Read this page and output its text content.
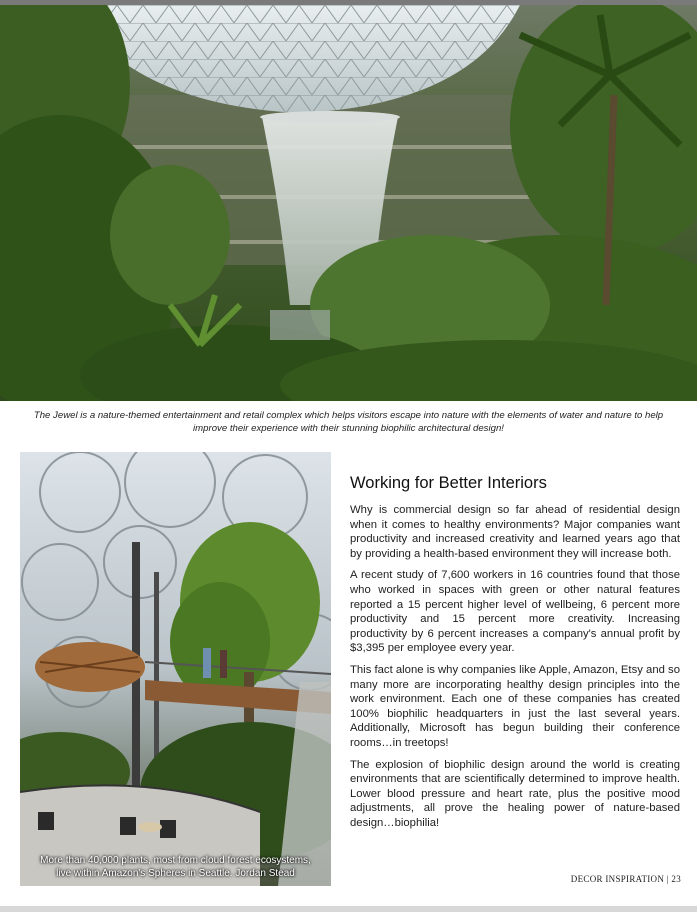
The Jewel is a nature-themed entertainment and retail complex which helps visitors escape into nature with the elements of water and nature to help improve their experience with their stunning biophilic architectural design!
More than 40,000 plants, most from cloud forest ecosystems,
live within Amazon's Spheres in Seattle. Jordan Stead
Working for Better Interiors

Why is commercial design so far ahead of residential design when it comes to healthy environments? Major companies want productivity and increased creativity and learned years ago that by providing a health-based environment they will increase both.

A recent study of 7,600 workers in 16 countries found that those who worked in spaces with green or other natural features reported a 15 percent higher level of wellbeing, 6 percent more productivity and 15 percent more creativity. Increasing productivity by 6 percent increases a company's annual profit by $3,395 per employee every year.

This fact alone is why companies like Apple, Amazon, Etsy and so many more are incorporating healthy design principles into the work environment. Each one of these companies has created 100% biophilic headquarters in just the last several years. Additionally, Microsoft has begun building their conference rooms…in treetops!

The explosion of biophilic design around the world is creating environments that are scientifically determined to improve health. Lower blood pressure and heart rate, plus the positive mood adjustments, all prove the healing power of nature-based design…biophilia!

DECOR INSPIRATION | 23
